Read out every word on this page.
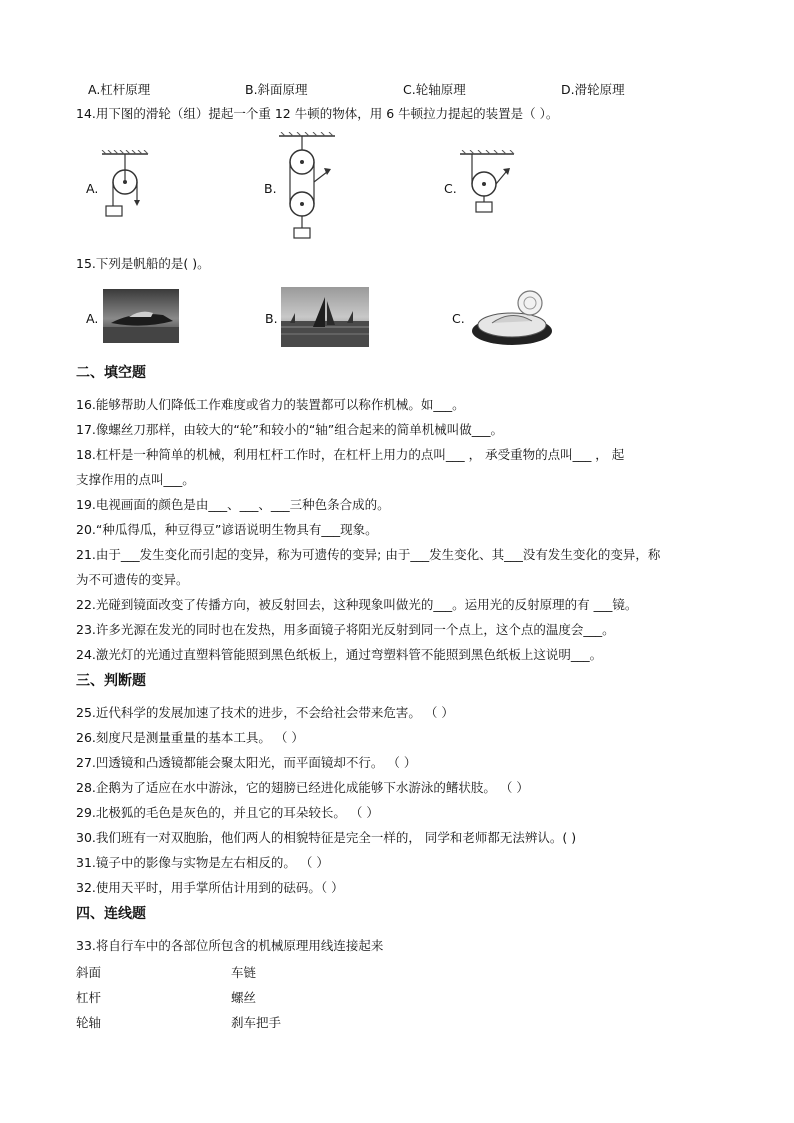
A.杠杆原理	B.斜面原理	C.轮轴原理	D.滑轮原理
14.用下图的滑轮（组）提起一个重 12 牛顿的物体，用 6 牛顿拉力提起的装置是（ ）。
A.	B.	C.
15.下列是帆船的是( )。
A.	B.	C.
二、填空题
16.能够帮助人们降低工作难度或省力的装置都可以称作机械。如___。
17.像螺丝刀那样，由较大的“轮”和较小的“轴”组合起来的简单机械叫做___。
18.杠杆是一种简单的机械，利用杠杆工作时，在杠杆上用力的点叫___ ， 承受重物的点叫___ ， 起
支撑作用的点叫___。
19.电视画面的颜色是由___、___、___三种色条合成的。
20.“种瓜得瓜，种豆得豆”谚语说明生物具有___现象。
21.由于___发生变化而引起的变异，称为可遗传的变异; 由于___发生变化、其___没有发生变化的变异，称
为不可遗传的变异。
22.光碰到镜面改变了传播方向，被反射回去，这种现象叫做光的___。运用光的反射原理的有 ___镜。
23.许多光源在发光的同时也在发热，用多面镜子将阳光反射到同一个点上，这个点的温度会___。
24.激光灯的光通过直塑料管能照到黑色纸板上，通过弯塑料管不能照到黑色纸板上这说明___。
三、判断题
25.近代科学的发展加速了技术的进步，不会给社会带来危害。 （ ）
26.刻度尺是测量重量的基本工具。 （ ）
27.凹透镜和凸透镜都能会聚太阳光，而平面镜却不行。 （ ）
28.企鹅为了适应在水中游泳，它的翅膀已经进化成能够下水游泳的鳍状肢。 （ ）
29.北极狐的毛色是灰色的，并且它的耳朵较长。 （ ）
30.我们班有一对双胞胎，他们两人的相貌特征是完全一样的， 同学和老师都无法辨认。( )
31.镜子中的影像与实物是左右相反的。 （ ）
32.使用天平时，用手掌所估计用到的砝码。（ ）
四、连线题
33.将自行车中的各部位所包含的机械原理用线连接起来
斜面
杠杆
轮轴
车链
螺丝
刹车把手
